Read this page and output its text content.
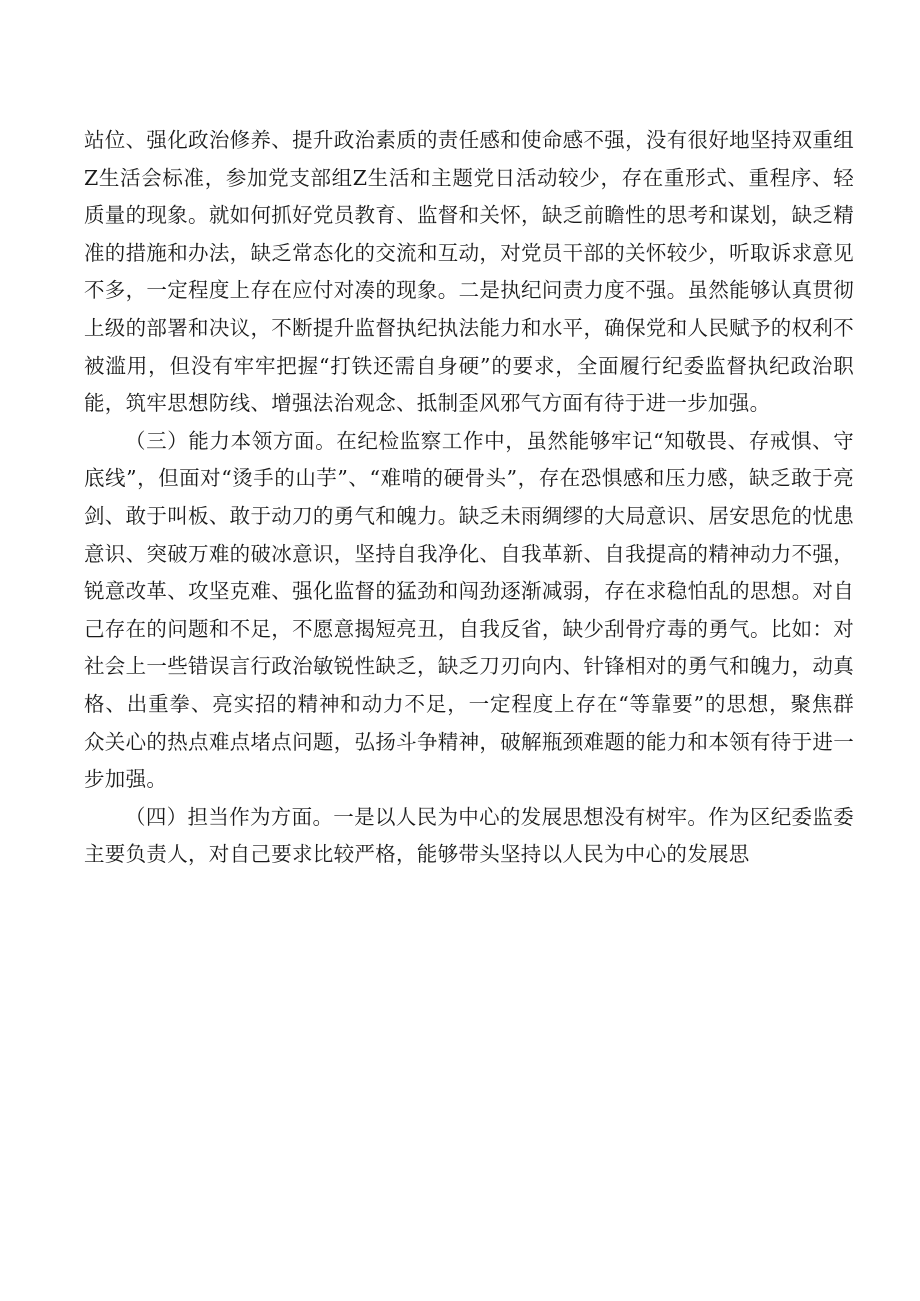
站位、强化政治修养、提升政治素质的责任感和使命感不强，没有很好地坚持双重组Z生活会标准，参加党支部组Z生活和主题党日活动较少，存在重形式、重程序、轻质量的现象。就如何抓好党员教育、监督和关怀，缺乏前瞻性的思考和谋划，缺乏精准的措施和办法，缺乏常态化的交流和互动，对党员干部的关怀较少，听取诉求意见不多，一定程度上存在应付对凑的现象。二是执纪问责力度不强。虽然能够认真贯彻上级的部署和决议，不断提升监督执纪执法能力和水平，确保党和人民赋予的权利不被滥用，但没有牢牢把握“打铁还需自身硬”的要求，全面履行纪委监督执纪政治职能，筑牢思想防线、增强法治观念、抵制歪风邪气方面有待于进一步加强。

（三）能力本领方面。在纪检监察工作中，虽然能够牢记“知敬畏、存戒惧、守底线”，但面对“烫手的山芋”、“难啃的硬骨头”，存在恐惧感和压力感，缺乏敢于亮剑、敢于叫板、敢于动刀的勇气和魄力。缺乏未雨绸缪的大局意识、居安思危的忧患意识、突破万难的破冰意识，坚持自我净化、自我革新、自我提高的精神动力不强，锐意改革、攻坚克难、强化监督的猛劲和闯劲逐渐减弱，存在求稳怕乱的思想。对自己存在的问题和不足，不愿意揭短亮丑，自我反省，缺少刮骨疗毒的勇气。比如：对社会上一些错误言行政治敏锐性缺乏，缺乏刀刃向内、针锋相对的勇气和魄力，动真格、出重拳、亮实招的精神和动力不足，一定程度上存在“等靠要”的思想，聚焦群众关心的热点难点堵点问题，弘扬斗争精神，破解瓶颈难题的能力和本领有待于进一步加强。

（四）担当作为方面。一是以人民为中心的发展思想没有树牢。作为区纪委监委主要负责人，对自己要求比较严格，能够带头坚持以人民为中心的发展思
